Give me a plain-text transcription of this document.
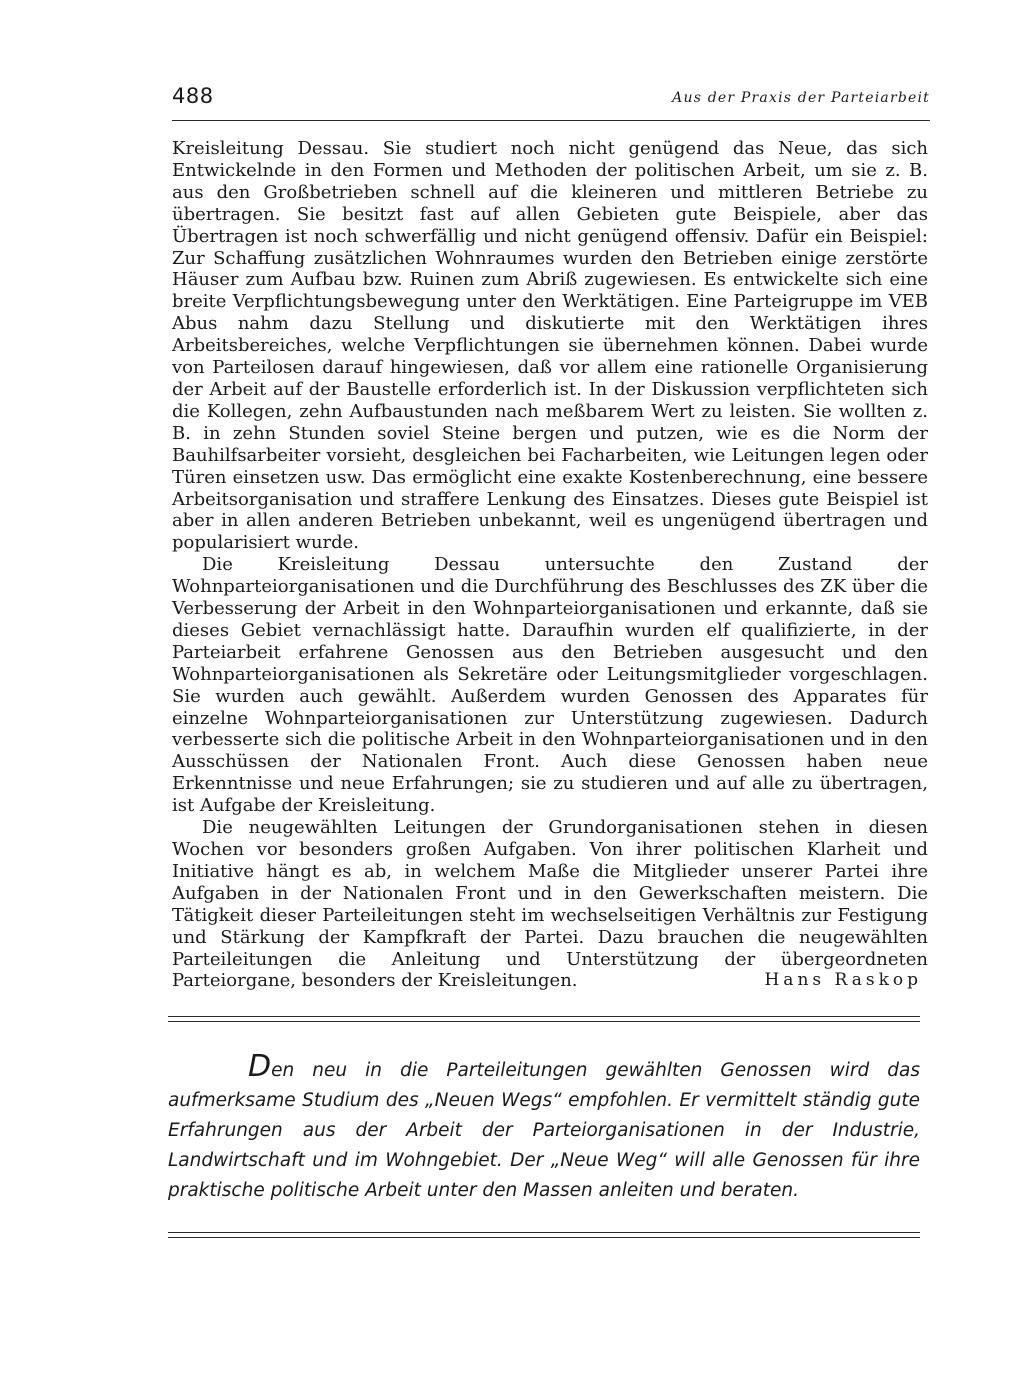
488	Aus der Praxis der Parteiarbeit

Kreisleitung Dessau. Sie studiert noch nicht genügend das Neue, das sich Entwickelnde in den Formen und Methoden der politischen Arbeit, um sie z. B. aus den Großbetrieben schnell auf die kleineren und mittleren Betriebe zu übertragen. Sie besitzt fast auf allen Gebieten gute Beispiele, aber das Übertragen ist noch schwerfällig und nicht genügend offensiv. Dafür ein Beispiel: Zur Schaffung zusätzlichen Wohnraumes wurden den Betrieben einige zerstörte Häuser zum Aufbau bzw. Ruinen zum Abriß zugewiesen. Es entwickelte sich eine breite Verpflichtungsbewegung unter den Werktätigen. Eine Parteigruppe im VEB Abus nahm dazu Stellung und diskutierte mit den Werktätigen ihres Arbeitsbereiches, welche Verpflichtungen sie übernehmen können. Dabei wurde von Parteilosen darauf hingewiesen, daß vor allem eine rationelle Organisierung der Arbeit auf der Baustelle erforderlich ist. In der Diskussion verpflichteten sich die Kollegen, zehn Aufbaustunden nach meßbarem Wert zu leisten. Sie wollten z. B. in zehn Stunden soviel Steine bergen und putzen, wie es die Norm der Bauhilfsarbeiter vorsieht, desgleichen bei Facharbeiten, wie Leitungen legen oder Türen einsetzen usw. Das ermöglicht eine exakte Kostenberechnung, eine bessere Arbeitsorganisation und straffere Lenkung des Einsatzes. Dieses gute Beispiel ist aber in allen anderen Betrieben unbekannt, weil es ungenügend übertragen und popularisiert wurde.

Die Kreisleitung Dessau untersuchte den Zustand der Wohnparteiorganisationen und die Durchführung des Beschlusses des ZK über die Verbesserung der Arbeit in den Wohnparteiorganisationen und erkannte, daß sie dieses Gebiet vernachlässigt hatte. Daraufhin wurden elf qualifizierte, in der Parteiarbeit erfahrene Genossen aus den Betrieben ausgesucht und den Wohnparteiorganisationen als Sekretäre oder Leitungsmitglieder vorgeschlagen. Sie wurden auch gewählt. Außerdem wurden Genossen des Apparates für einzelne Wohnparteiorganisationen zur Unterstützung zugewiesen. Dadurch verbesserte sich die politische Arbeit in den Wohnparteiorganisationen und in den Ausschüssen der Nationalen Front. Auch diese Genossen haben neue Erkenntnisse und neue Erfahrungen; sie zu studieren und auf alle zu übertragen, ist Aufgabe der Kreisleitung.

Die neugewählten Leitungen der Grundorganisationen stehen in diesen Wochen vor besonders großen Aufgaben. Von ihrer politischen Klarheit und Initiative hängt es ab, in welchem Maße die Mitglieder unserer Partei ihre Aufgaben in der Nationalen Front und in den Gewerkschaften meistern. Die Tätigkeit dieser Parteileitungen steht im wechselseitigen Verhältnis zur Festigung und Stärkung der Kampfkraft der Partei. Dazu brauchen die neugewählten Parteileitungen die Anleitung und Unterstützung der übergeordneten Parteiorgane, besonders der Kreisleitungen.	Hans Raskop
Den neu in die Parteileitungen gewählten Genossen wird das aufmerksame Studium des „Neuen Wegs“ empfohlen. Er vermittelt ständig gute Erfahrungen aus der Arbeit der Parteiorganisationen in der Industrie, Landwirtschaft und im Wohngebiet. Der „Neue Weg“ will alle Genossen für ihre praktische politische Arbeit unter den Massen anleiten und beraten.
